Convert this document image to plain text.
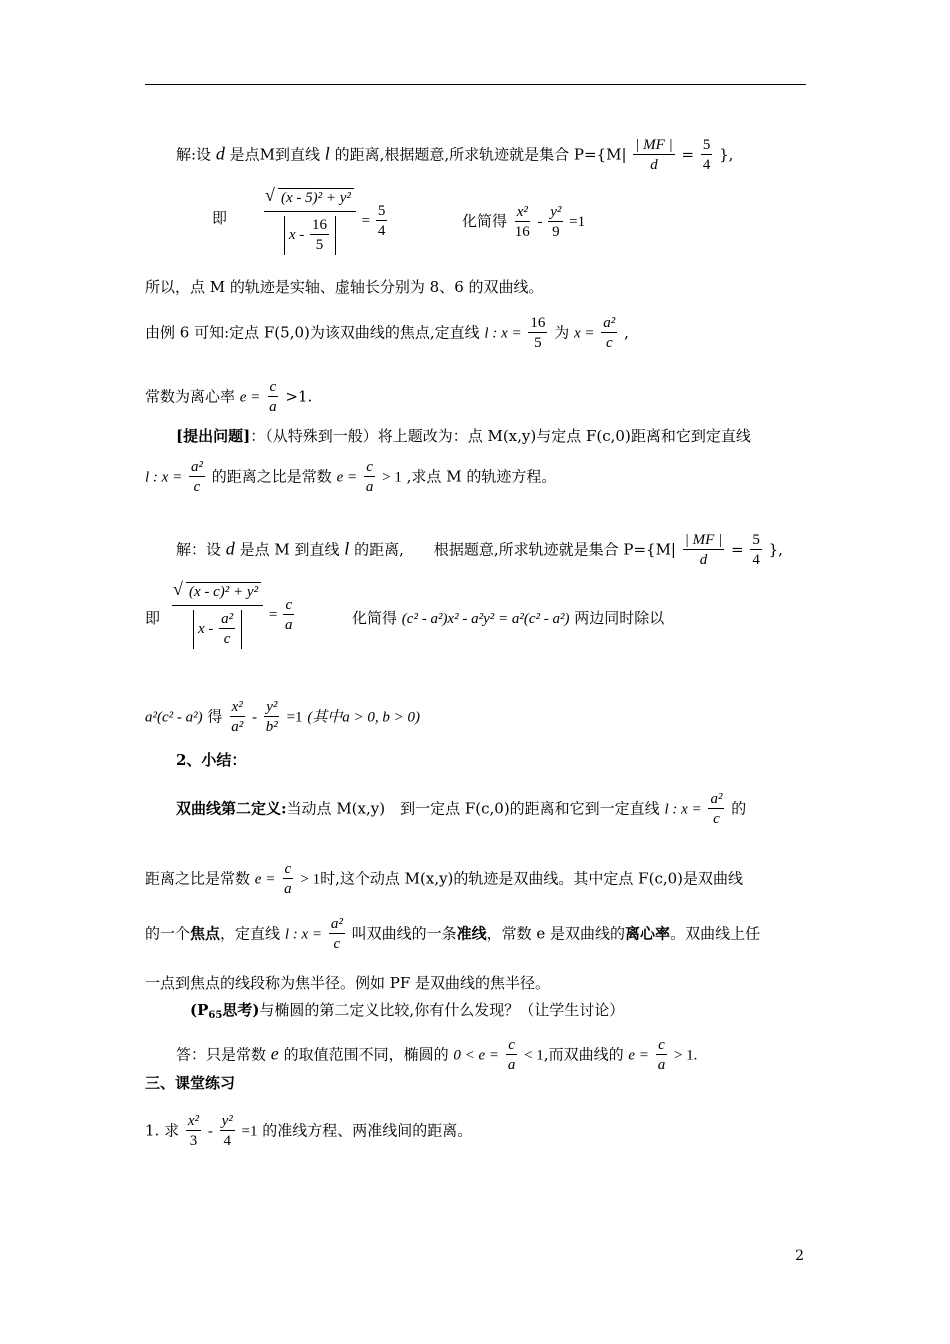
解:设 d 是点M到直线 l 的距离,根据题意,所求轨迹就是集合 $P=\{M| \frac{| MF |}{d} = \frac{5}{4}$ },
即 √ $\frac{\text{(x - 5)² + y²}}{x - \frac{16}{5}} = \frac{5}{4}$	化简得 $\frac{\text{x²}}{16} - \frac{\text{y²}}{9} =1$
所以，点 M 的轨迹是实轴、虚轴长分别为 8、6 的双曲线。
由例 6 可知:定点 F(5,0)为该双曲线的焦点,定直线 l : $x = \frac{16}{5}$ 为 $x = \frac{\text{a²}}{c}$ ,
常数为离心率 $e = \frac{c}{a} >1$.
[提出问题]：（从特殊到一般）将上题改为：点 M(x,y)与定点 F(c,0)距离和它到定直线
l : $x = \frac{\text{a²}}{c}$ 的距离之比是常数 $e = \frac{c}{a} > 1$ ,求点 M 的轨迹方程。
解：设 d 是点 M 到直线 l 的距离,　　根据题意,所求轨迹就是集合 $P=\{M| \frac{| MF |}{d} = \frac{5}{4}$ },
即 √ $\frac{\text{(x - c)² + y²}}{x - \frac{\text{a²}}{c}} = \frac{c}{a}$	化简得 (c² - a²)x² - a²y² = a²(c² - a²) 两边同时除以
a²(c² - a²) 得 $\frac{\text{x²}}{\text{a²}} - \frac{\text{y²}}{\text{b²}} =1$ (其中a > 0, b > 0)
2、小结：
双曲线第二定义:当动点 M(x,y)　到一定点 F(c,0)的距离和它到一定直线 l : $x = \frac{\text{a²}}{c}$ 的
距离之比是常数 $e = \frac{c}{a} > 1$时,这个动点 M(x,y)的轨迹是双曲线。其中定点 F(c,0)是双曲线
的一个焦点，定直线 l : $x = \frac{\text{a²}}{c}$ 叫双曲线的一条准线，常数 e 是双曲线的离心率。双曲线上任
一点到焦点的线段称为焦半径。例如 PF 是双曲线的焦半径。
($P_{65}$思考)与椭圆的第二定义比较,你有什么发现？（让学生讨论）
答：只是常数 e 的取值范围不同，椭圆的 $0 < e = \frac{c}{a} < 1$,而双曲线的 $e = \frac{c}{a} > 1$.
三、课堂练习
1. 求 $\frac{\text{x²}}{3} - \frac{\text{y²}}{4} =1$ 的准线方程、两准线间的距离。
2
